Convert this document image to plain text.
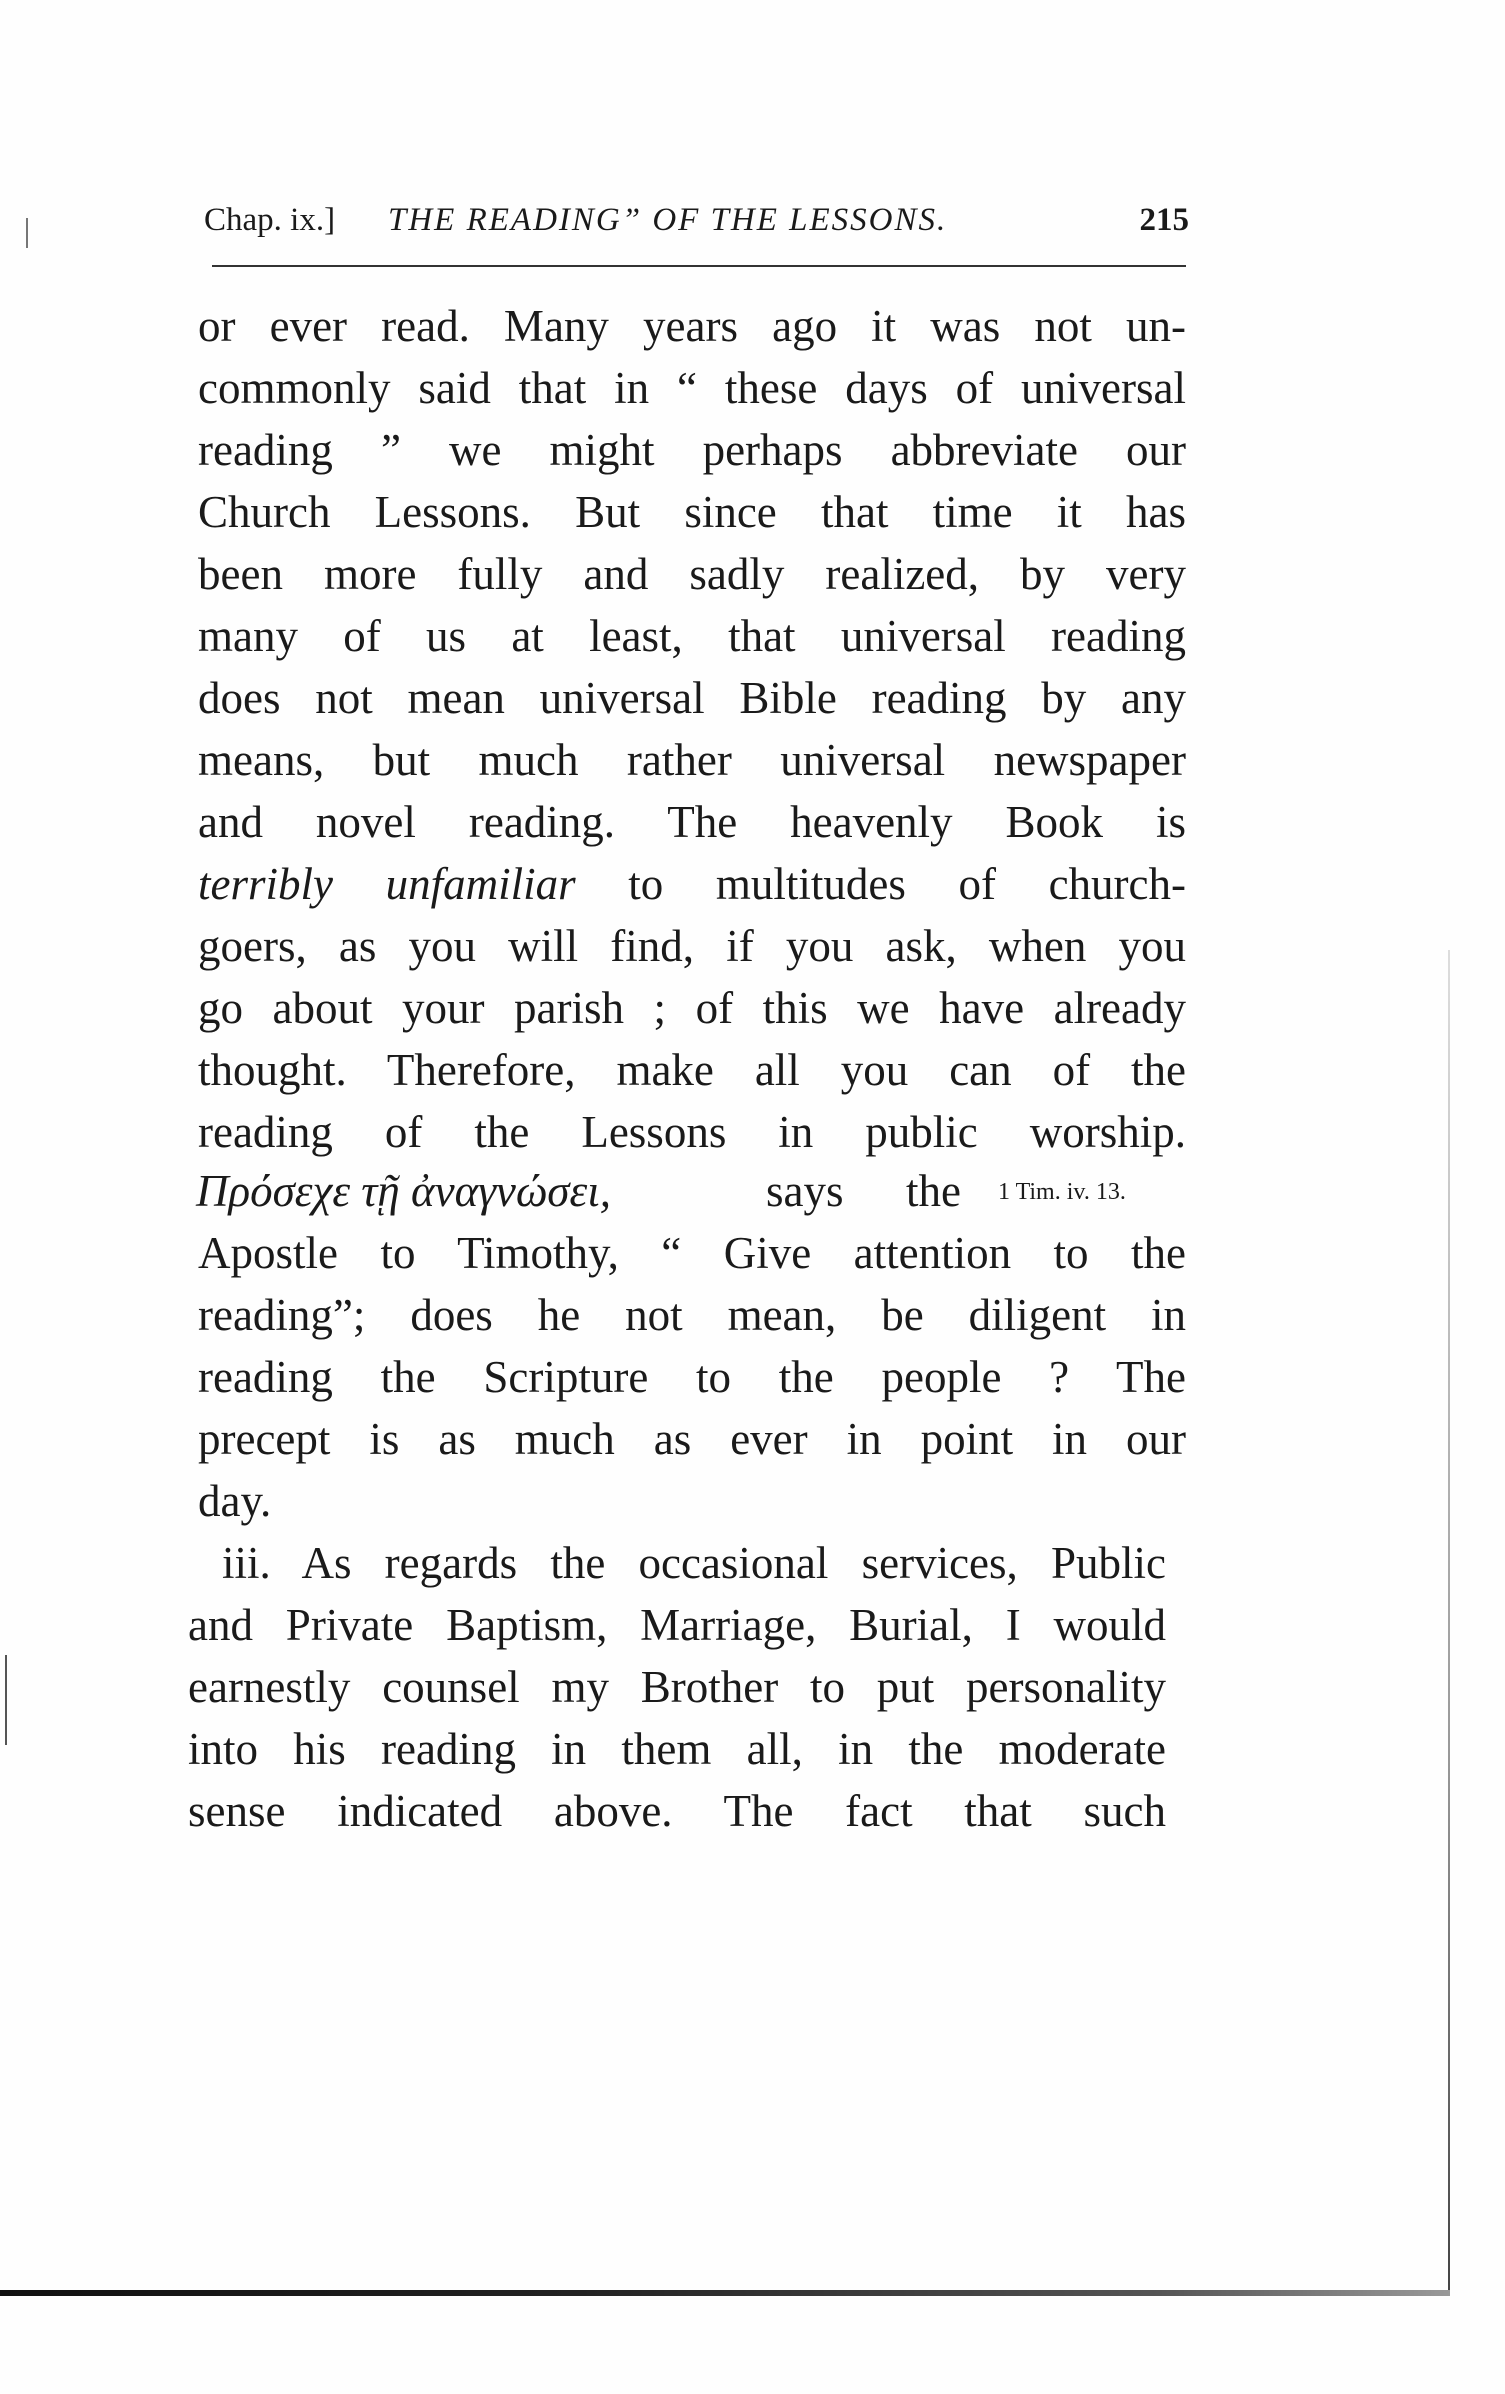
Chap. ix.] THE READING” OF THE LESSONS.	215
or ever read. Many years ago it was not un-
commonly said that in “ these days of universal
reading ” we might perhaps abbreviate our
Church Lessons. But since that time it has
been more fully and sadly realized, by very
many of us at least, that universal reading
does not mean universal Bible reading by any
means, but much rather universal newspaper
and novel reading. The heavenly Book is
terribly unfamiliar to multitudes of church-
goers, as you will find, if you ask, when you
go about your parish ; of this we have already
thought. Therefore, make all you can of the
reading of the Lessons in public worship.
Πρόσεχε τῇ ἀναγνώσει,	says the 1 Tim. iv. 13.
Apostle to Timothy, “ Give attention to the
reading”; does he not mean, be diligent in
reading the Scripture to the people ? The
precept is as much as ever in point in our
day.
iii. As regards the occasional services, Public
and Private Baptism, Marriage, Burial, I would
earnestly counsel my Brother to put personality
into his reading in them all, in the moderate
sense indicated above. The fact that such
